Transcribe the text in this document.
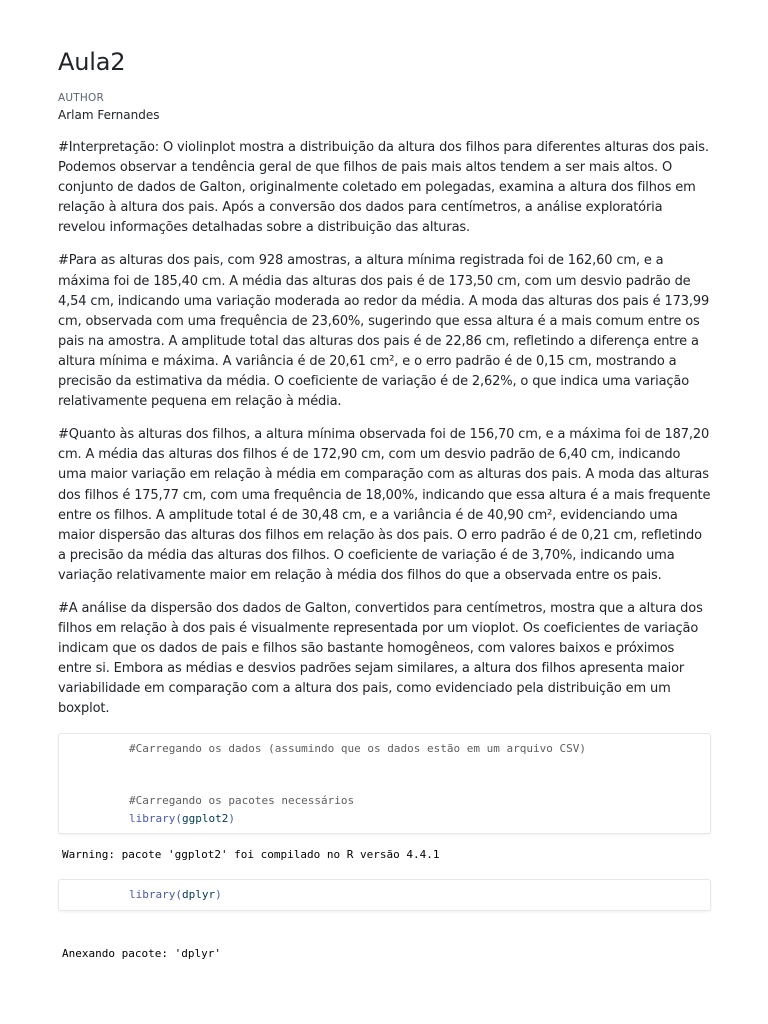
Aula2
AUTHOR
Arlam Fernandes

#Interpretação: O violinplot mostra a distribuição da altura dos filhos para diferentes alturas dos pais. Podemos observar a tendência geral de que filhos de pais mais altos tendem a ser mais altos. O conjunto de dados de Galton, originalmente coletado em polegadas, examina a altura dos filhos em relação à altura dos pais. Após a conversão dos dados para centímetros, a análise exploratória revelou informações detalhadas sobre a distribuição das alturas.

#Para as alturas dos pais, com 928 amostras, a altura mínima registrada foi de 162,60 cm, e a máxima foi de 185,40 cm. A média das alturas dos pais é de 173,50 cm, com um desvio padrão de 4,54 cm, indicando uma variação moderada ao redor da média. A moda das alturas dos pais é 173,99 cm, observada com uma frequência de 23,60%, sugerindo que essa altura é a mais comum entre os pais na amostra. A amplitude total das alturas dos pais é de 22,86 cm, refletindo a diferença entre a altura mínima e máxima. A variância é de 20,61 cm², e o erro padrão é de 0,15 cm, mostrando a precisão da estimativa da média. O coeficiente de variação é de 2,62%, o que indica uma variação relativamente pequena em relação à média.

#Quanto às alturas dos filhos, a altura mínima observada foi de 156,70 cm, e a máxima foi de 187,20 cm. A média das alturas dos filhos é de 172,90 cm, com um desvio padrão de 6,40 cm, indicando uma maior variação em relação à média em comparação com as alturas dos pais. A moda das alturas dos filhos é 175,77 cm, com uma frequência de 18,00%, indicando que essa altura é a mais frequente entre os filhos. A amplitude total é de 30,48 cm, e a variância é de 40,90 cm², evidenciando uma maior dispersão das alturas dos filhos em relação às dos pais. O erro padrão é de 0,21 cm, refletindo a precisão da média das alturas dos filhos. O coeficiente de variação é de 3,70%, indicando uma variação relativamente maior em relação à média dos filhos do que a observada entre os pais.

#A análise da dispersão dos dados de Galton, convertidos para centímetros, mostra que a altura dos filhos em relação à dos pais é visualmente representada por um vioplot. Os coeficientes de variação indicam que os dados de pais e filhos são bastante homogêneos, com valores baixos e próximos entre si. Embora as médias e desvios padrões sejam similares, a altura dos filhos apresenta maior variabilidade em comparação com a altura dos pais, como evidenciado pela distribuição em um boxplot.

#Carregando os dados (assumindo que os dados estão em um arquivo CSV)
#Carregando os pacotes necessários
library(ggplot2)
Warning: pacote 'ggplot2' foi compilado no R versão 4.4.1
library(dplyr)
Anexando pacote: 'dplyr'
